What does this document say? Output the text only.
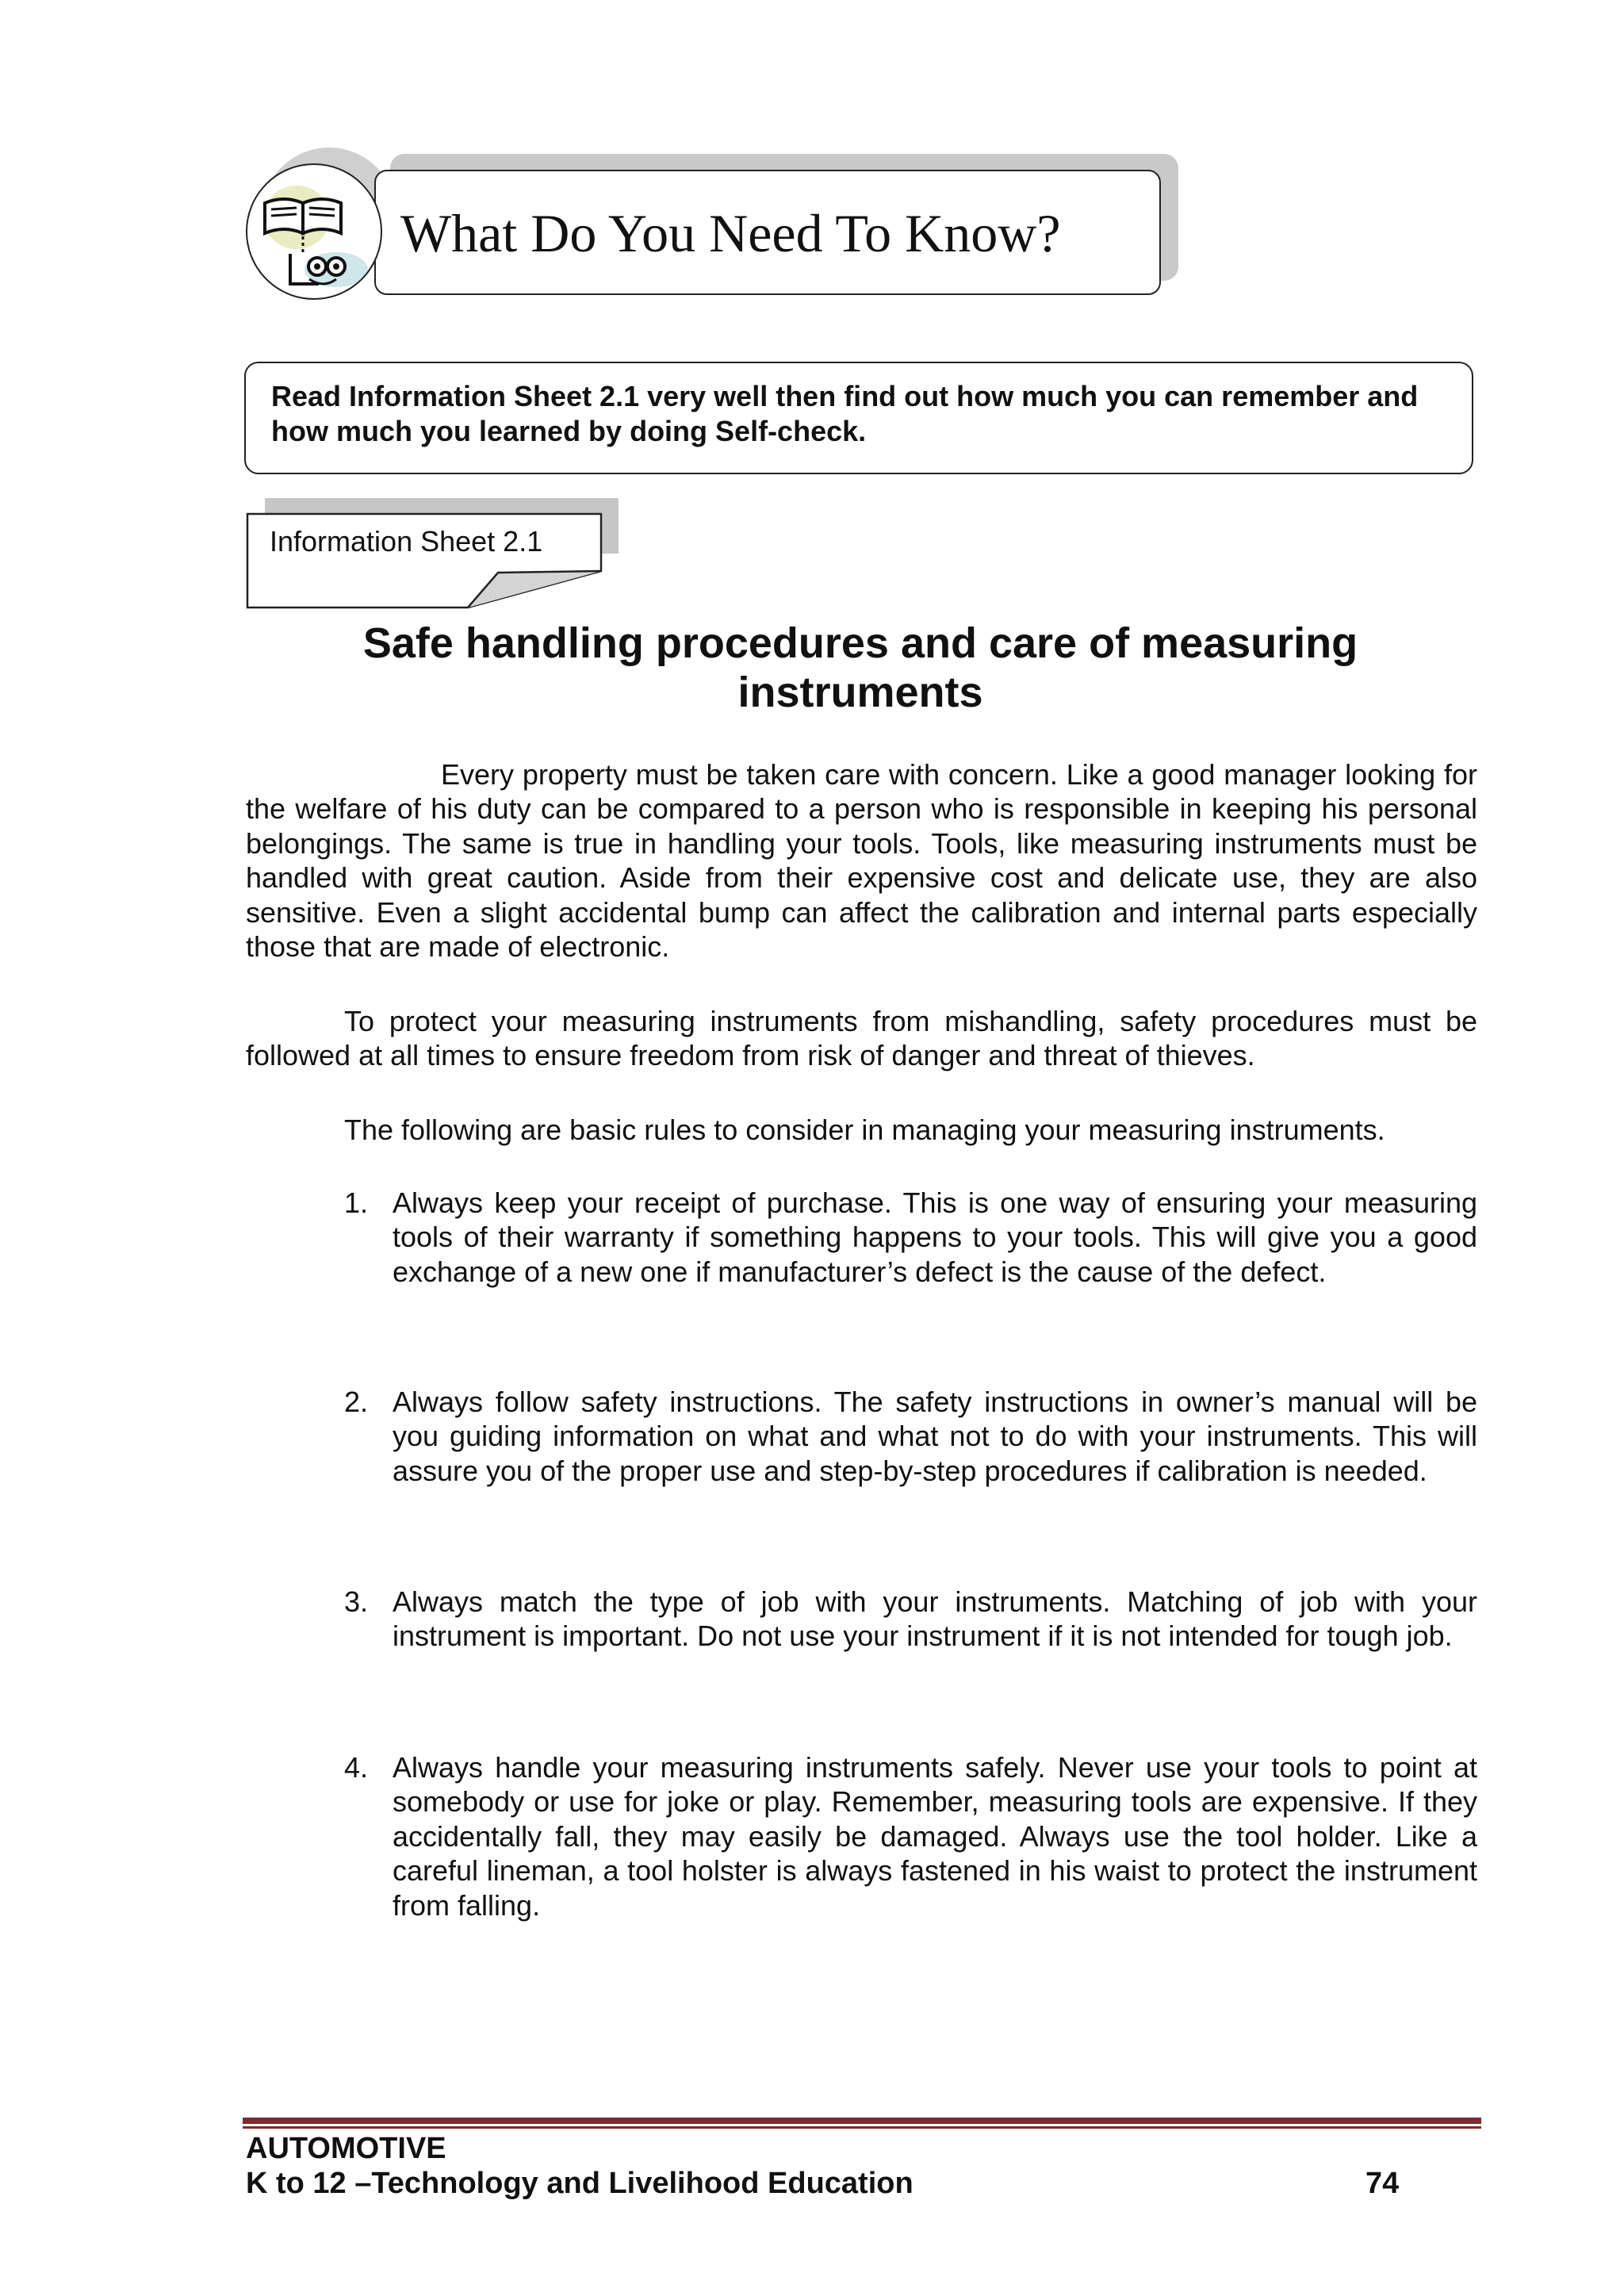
What Do You Need To Know?
Read Information Sheet 2.1 very well then find out how much you can remember and how much you learned by doing Self-check.
Information Sheet 2.1
Safe handling procedures and care of measuring
instruments
Every property must be taken care with concern. Like a good manager looking for the welfare of his duty can be compared to a person who is responsible in keeping his personal belongings. The same is true in handling your tools. Tools, like measuring instruments must be handled with great caution. Aside from their expensive cost and delicate use, they are also sensitive. Even a slight accidental bump can affect the calibration and internal parts especially those that are made of electronic.
To protect your measuring instruments from mishandling, safety procedures must be followed at all times to ensure freedom from risk of danger and threat of thieves.
The following are basic rules to consider in managing your measuring instruments.
1. Always keep your receipt of purchase. This is one way of ensuring your measuring tools of their warranty if something happens to your tools. This will give you a good exchange of a new one if manufacturer’s defect is the cause of the defect.
2. Always follow safety instructions. The safety instructions in owner’s manual will be you guiding information on what and what not to do with your instruments. This will assure you of the proper use and step-by-step procedures if calibration is needed.
3. Always match the type of job with your instruments. Matching of job with your instrument is important. Do not use your instrument if it is not intended for tough job.
4. Always handle your measuring instruments safely. Never use your tools to point at somebody or use for joke or play. Remember, measuring tools are expensive. If they accidentally fall, they may easily be damaged. Always use the tool holder. Like a careful lineman, a tool holster is always fastened in his waist to protect the instrument from falling.
AUTOMOTIVE
K to 12 –Technology and Livelihood Education	74
